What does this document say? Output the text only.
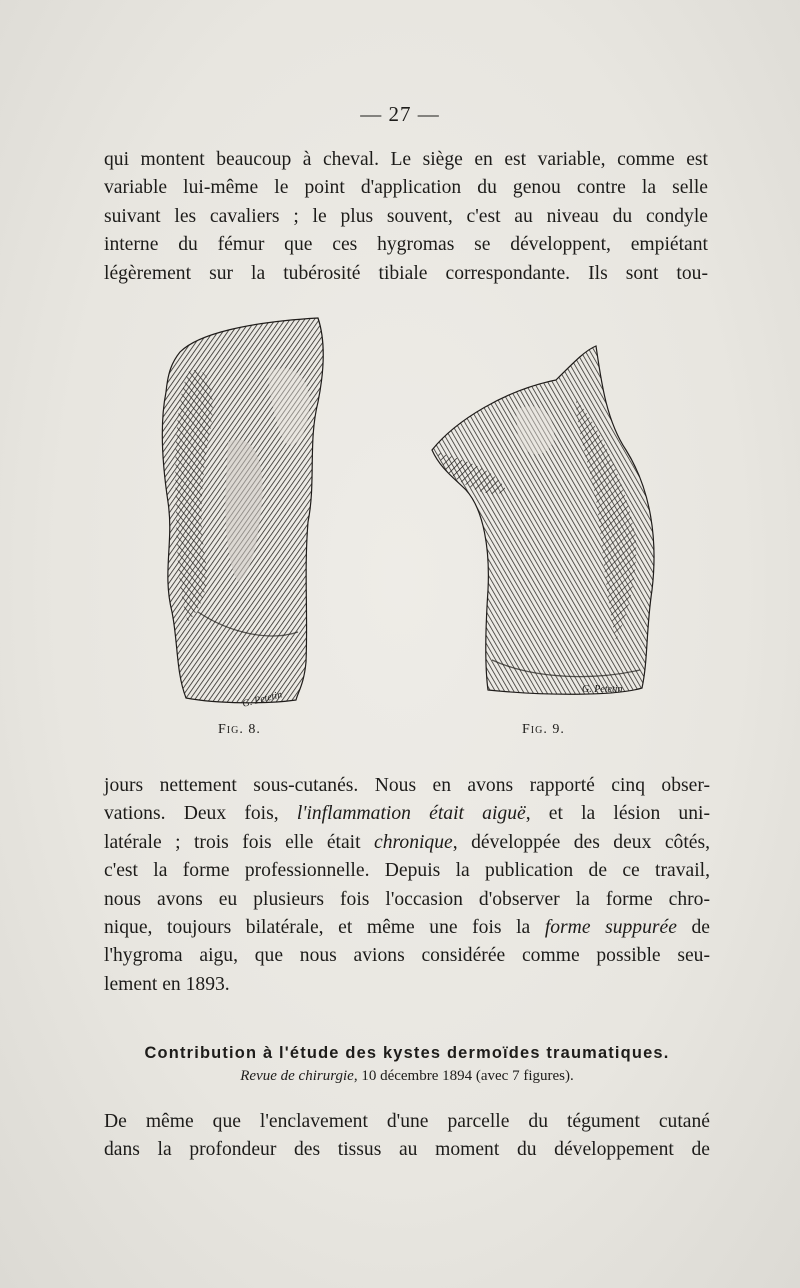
— 27 —

qui montent beaucoup à cheval. Le siège en est variable, comme est
variable lui-même le point d'application du genou contre la selle
suivant les cavaliers ; le plus souvent, c'est au niveau du condyle
interne du fémur que ces hygromas se développent, empiétant
légèrement sur la tubérosité tibiale correspondante. Ils sont tou-

G. Petetin
Fig. 8.
G. Petetin
Fig. 9.

jours nettement sous-cutanés. Nous en avons rapporté cinq obser-
vations. Deux fois, l'inflammation était aiguë, et la lésion uni-
latérale ; trois fois elle était chronique, développée des deux côtés,
c'est la forme professionnelle. Depuis la publication de ce travail,
nous avons eu plusieurs fois l'occasion d'observer la forme chro-
nique, toujours bilatérale, et même une fois la forme suppurée de
l'hygroma aigu, que nous avions considérée comme possible seu-
lement en 1893.

Contribution à l'étude des kystes dermoïdes traumatiques.
Revue de chirurgie, 10 décembre 1894 (avec 7 figures).

De même que l'enclavement d'une parcelle du tégument cutané
dans la profondeur des tissus au moment du développement de
